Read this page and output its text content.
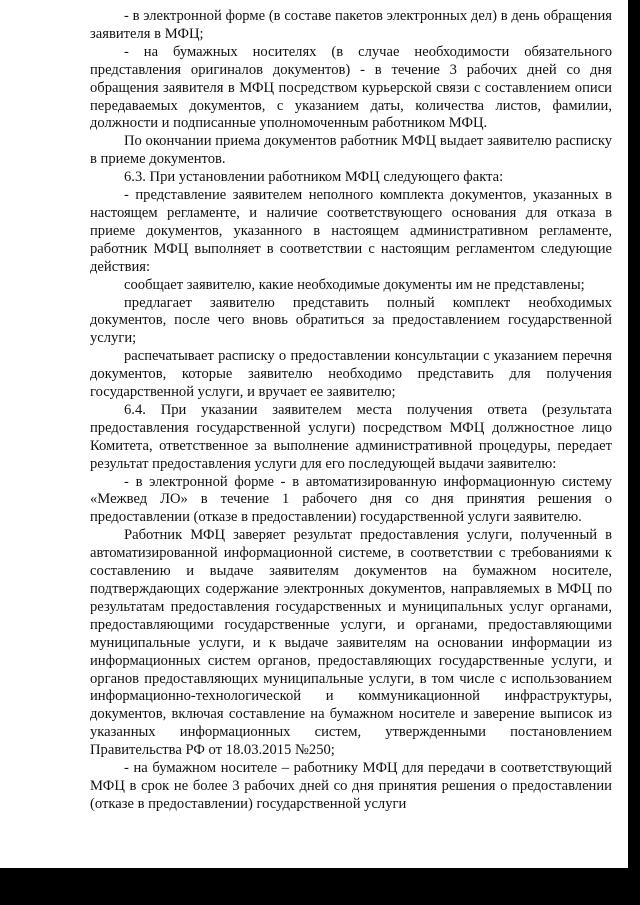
- в электронной форме (в составе пакетов электронных дел) в день обращения заявителя в МФЦ;

- на бумажных носителях (в случае необходимости обязательного представления оригиналов документов) - в течение 3 рабочих дней со дня обращения заявителя в МФЦ посредством курьерской связи с составлением описи передаваемых документов, с указанием даты, количества листов, фамилии, должности и подписанные уполномоченным работником МФЦ.

По окончании приема документов работник МФЦ выдает заявителю расписку в приеме документов.

6.3. При установлении работником МФЦ следующего факта:

- представление заявителем неполного комплекта документов, указанных в настоящем регламенте, и наличие соответствующего основания для отказа в приеме документов, указанного в настоящем административном регламенте, работник МФЦ выполняет в соответствии с настоящим регламентом следующие действия:

сообщает заявителю, какие необходимые документы им не представлены;

предлагает заявителю представить полный комплект необходимых документов, после чего вновь обратиться за предоставлением государственной услуги;

распечатывает расписку о предоставлении консультации с указанием перечня документов, которые заявителю необходимо представить для получения государственной услуги, и вручает ее заявителю;

6.4. При указании заявителем места получения ответа (результата предоставления государственной услуги) посредством МФЦ должностное лицо Комитета, ответственное за выполнение административной процедуры, передает результат предоставления услуги для его последующей выдачи заявителю:

- в электронной форме - в автоматизированную информационную систему «Межвед ЛО» в течение 1 рабочего дня со дня принятия решения о предоставлении (отказе в предоставлении) государственной услуги заявителю.

Работник МФЦ заверяет результат предоставления услуги, полученный в автоматизированной информационной системе, в соответствии с требованиями к составлению и выдаче заявителям документов на бумажном носителе, подтверждающих содержание электронных документов, направляемых в МФЦ по результатам предоставления государственных и муниципальных услуг органами, предоставляющими государственные услуги, и органами, предоставляющими муниципальные услуги, и к выдаче заявителям на основании информации из информационных систем органов, предоставляющих государственные услуги, и органов предоставляющих муниципальные услуги, в том числе с использованием информационно-технологической и коммуникационной инфраструктуры, документов, включая составление на бумажном носителе и заверение выписок из указанных информационных систем, утвержденными постановлением Правительства РФ от 18.03.2015 №250;

- на бумажном носителе – работнику МФЦ для передачи в соответствующий МФЦ в срок не более 3 рабочих дней со дня принятия решения о предоставлении (отказе в предоставлении) государственной услуги
